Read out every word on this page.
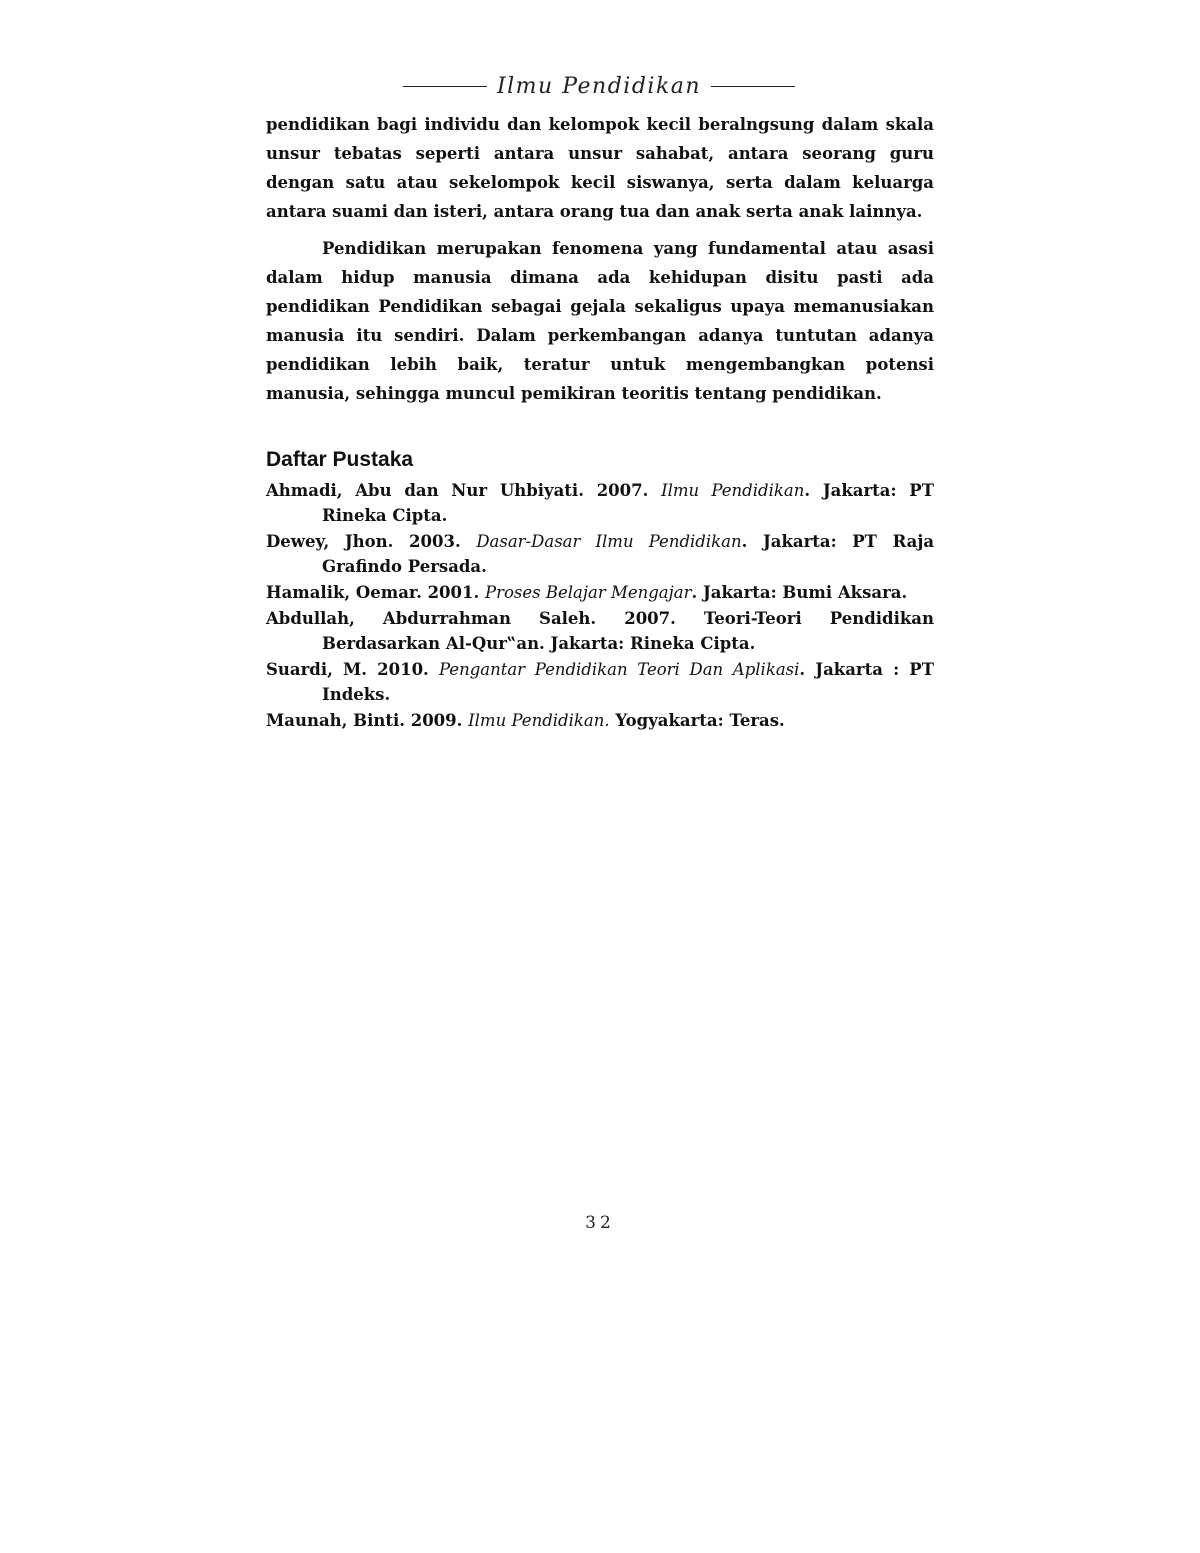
Ilmu Pendidikan

pendidikan bagi individu dan kelompok kecil beralngsung dalam skala unsur tebatas seperti antara unsur sahabat, antara seorang guru dengan satu atau sekelompok kecil siswanya, serta dalam keluarga antara suami dan isteri, antara orang tua dan anak serta anak lainnya.

Pendidikan merupakan fenomena yang fundamental atau asasi dalam hidup manusia dimana ada kehidupan disitu pasti ada pendidikan Pendidikan sebagai gejala sekaligus upaya memanusiakan manusia itu sendiri. Dalam perkembangan adanya tuntutan adanya pendidikan lebih baik, teratur untuk mengembangkan potensi manusia, sehingga muncul pemikiran teoritis tentang pendidikan.

Daftar Pustaka
Ahmadi, Abu dan Nur Uhbiyati. 2007. Ilmu Pendidikan. Jakarta: PT Rineka Cipta.
Dewey, Jhon. 2003. Dasar-Dasar Ilmu Pendidikan. Jakarta: PT Raja Grafindo Persada.
Hamalik, Oemar. 2001. Proses Belajar Mengajar. Jakarta: Bumi Aksara.
Abdullah, Abdurrahman Saleh. 2007. Teori-Teori Pendidikan Berdasarkan Al-Qur‟an. Jakarta: Rineka Cipta.
Suardi, M. 2010. Pengantar Pendidikan Teori Dan Aplikasi. Jakarta : PT Indeks.
Maunah, Binti. 2009. Ilmu Pendidikan. Yogyakarta: Teras.
32
